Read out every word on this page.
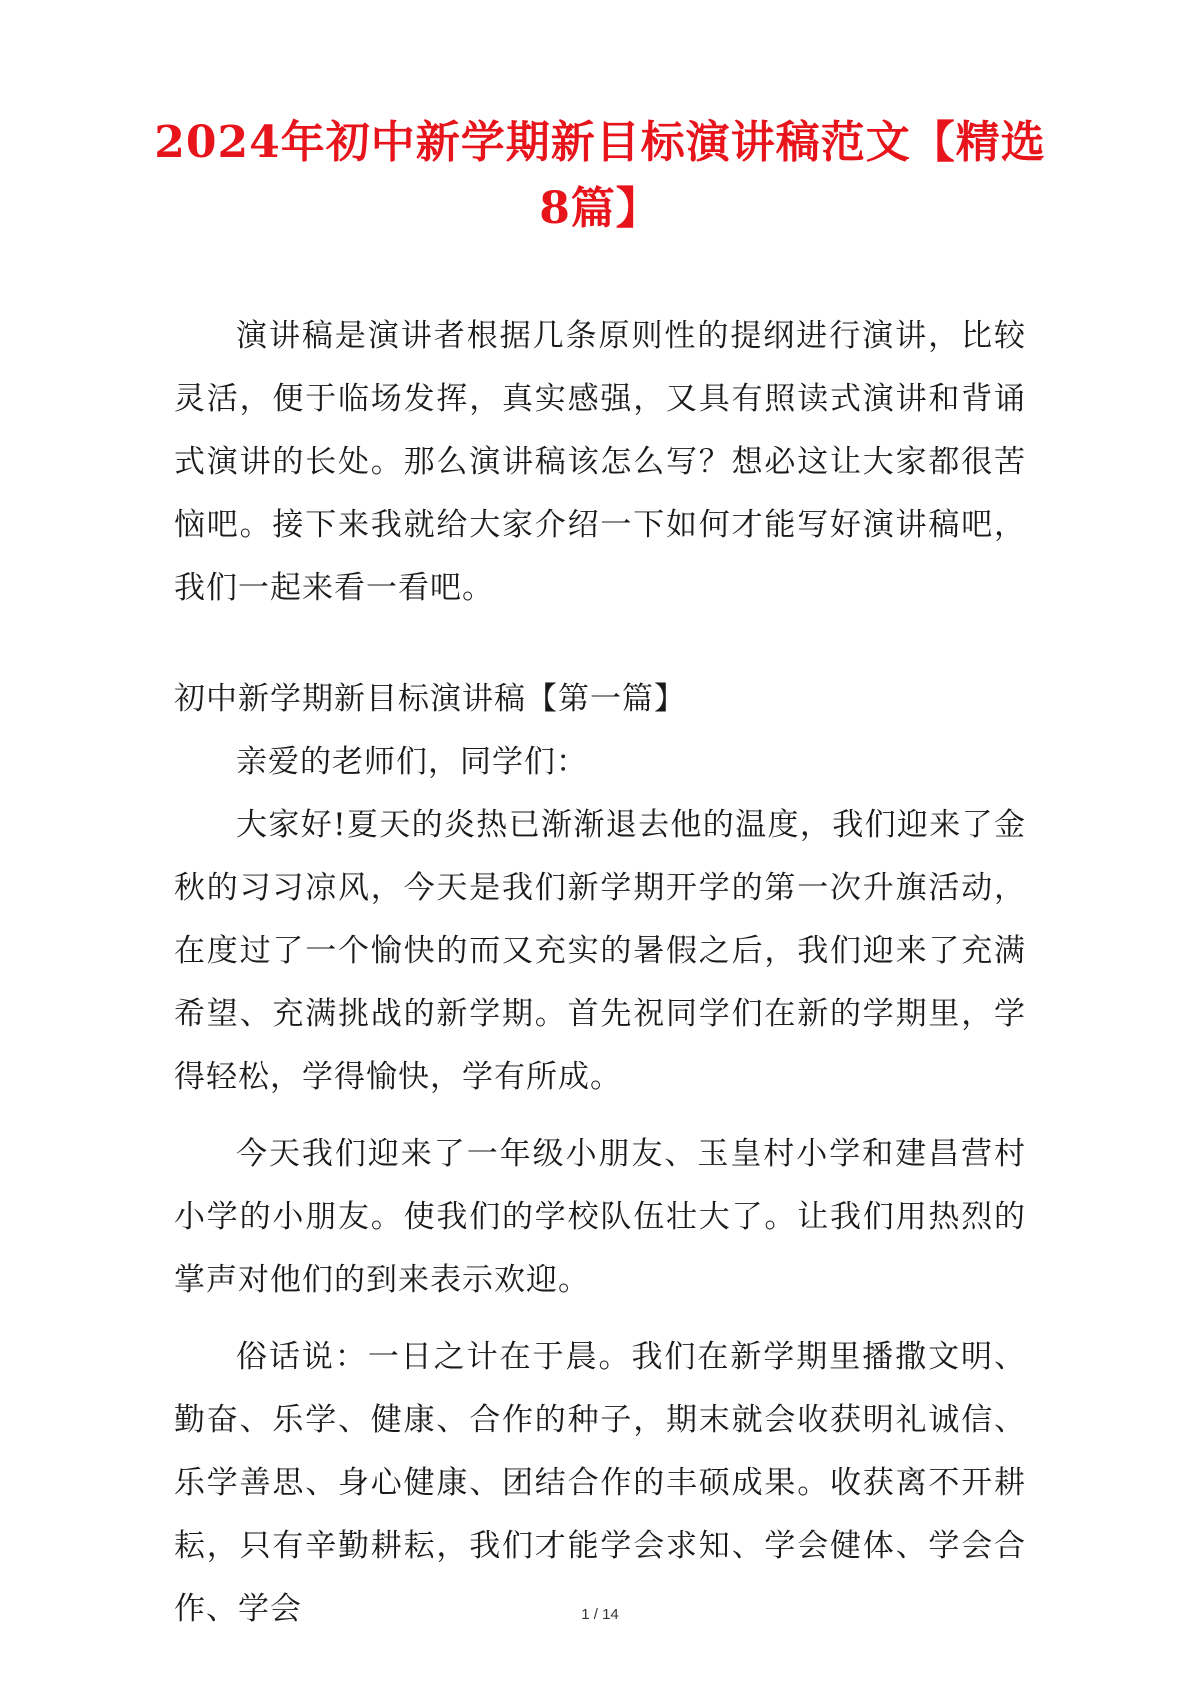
2024年初中新学期新目标演讲稿范文【精选8篇】

演讲稿是演讲者根据几条原则性的提纲进行演讲，比较灵活，便于临场发挥，真实感强，又具有照读式演讲和背诵式演讲的长处。那么演讲稿该怎么写？想必这让大家都很苦恼吧。接下来我就给大家介绍一下如何才能写好演讲稿吧，我们一起来看一看吧。

初中新学期新目标演讲稿【第一篇】

亲爱的老师们，同学们：

大家好!夏天的炎热已渐渐退去他的温度，我们迎来了金秋的习习凉风，今天是我们新学期开学的第一次升旗活动，在度过了一个愉快的而又充实的暑假之后，我们迎来了充满希望、充满挑战的新学期。首先祝同学们在新的学期里，学得轻松，学得愉快，学有所成。

今天我们迎来了一年级小朋友、玉皇村小学和建昌营村小学的小朋友。使我们的学校队伍壮大了。让我们用热烈的掌声对他们的到来表示欢迎。

俗话说：一日之计在于晨。我们在新学期里播撒文明、勤奋、乐学、健康、合作的种子，期末就会收获明礼诚信、乐学善思、身心健康、团结合作的丰硕成果。收获离不开耕耘，只有辛勤耕耘，我们才能学会求知、学会健体、学会合作、学会	1 / 14
